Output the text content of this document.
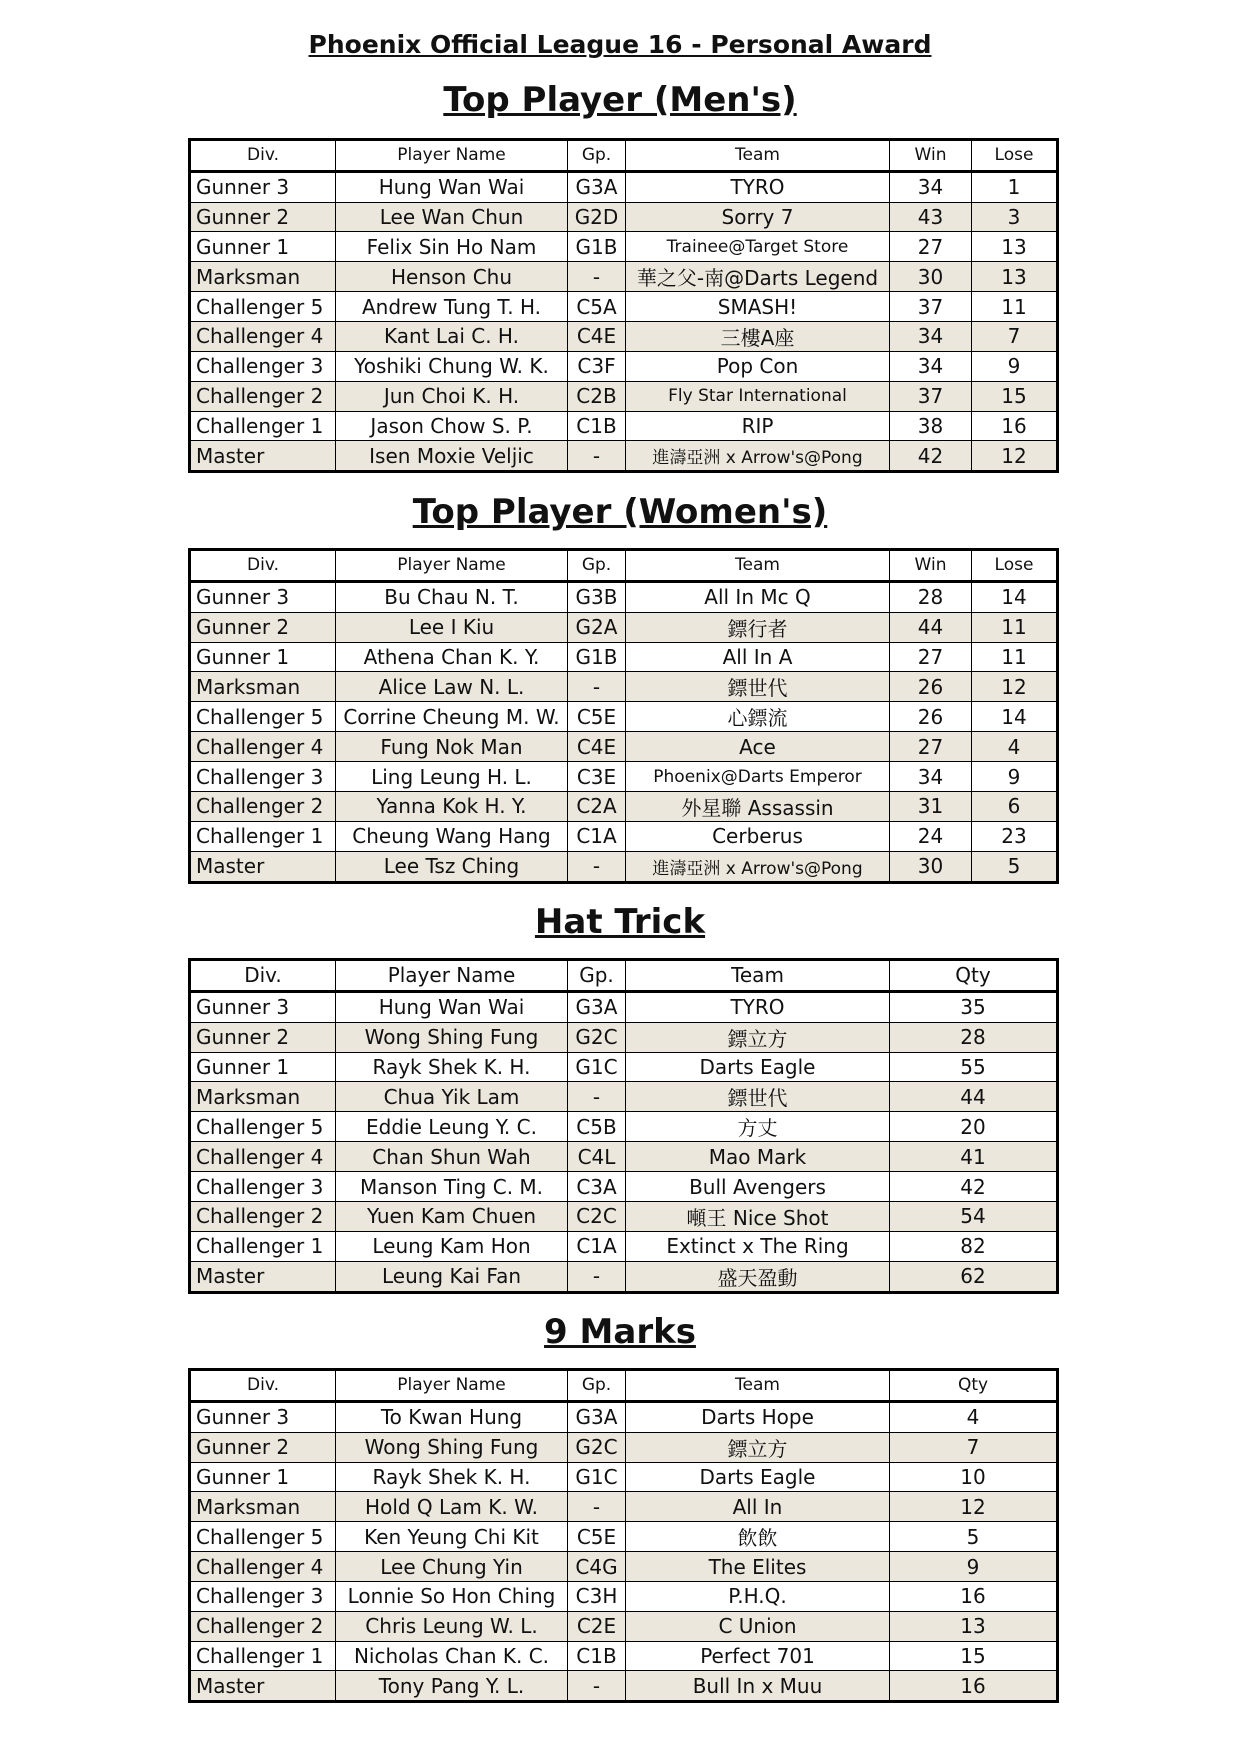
Phoenix Official League 16 - Personal Award
Top Player (Men's)
Div.	Player Name	Gp.	Team	Win	Lose
Gunner 3	Hung Wan Wai	G3A	TYRO	34	1
Gunner 2	Lee Wan Chun	G2D	Sorry 7	43	3
Gunner 1	Felix Sin Ho Nam	G1B	Trainee@Target Store	27	13
Marksman	Henson Chu	-	華之父-南@Darts Legend	30	13
Challenger 5	Andrew Tung T. H.	C5A	SMASH!	37	11
Challenger 4	Kant Lai C. H.	C4E	三樓A座	34	7
Challenger 3	Yoshiki Chung W. K.	C3F	Pop Con	34	9
Challenger 2	Jun Choi K. H.	C2B	Fly Star International	37	15
Challenger 1	Jason Chow S. P.	C1B	RIP	38	16
Master	Isen Moxie Veljic	-	進濤亞洲 x Arrow's@Pong	42	12
Top Player (Women's)
Div.	Player Name	Gp.	Team	Win	Lose
Gunner 3	Bu Chau N. T.	G3B	All In Mc Q	28	14
Gunner 2	Lee I Kiu	G2A	鏢行者	44	11
Gunner 1	Athena Chan K. Y.	G1B	All In A	27	11
Marksman	Alice Law N. L.	-	鏢世代	26	12
Challenger 5	Corrine Cheung M. W.	C5E	心鏢流	26	14
Challenger 4	Fung Nok Man	C4E	Ace	27	4
Challenger 3	Ling Leung H. L.	C3E	Phoenix@Darts Emperor	34	9
Challenger 2	Yanna Kok H. Y.	C2A	外星聯 Assassin	31	6
Challenger 1	Cheung Wang Hang	C1A	Cerberus	24	23
Master	Lee Tsz Ching	-	進濤亞洲 x Arrow's@Pong	30	5
Hat Trick
Div.	Player Name	Gp.	Team	Qty
Gunner 3	Hung Wan Wai	G3A	TYRO	35
Gunner 2	Wong Shing Fung	G2C	鏢立方	28
Gunner 1	Rayk Shek K. H.	G1C	Darts Eagle	55
Marksman	Chua Yik Lam	-	鏢世代	44
Challenger 5	Eddie Leung Y. C.	C5B	方丈	20
Challenger 4	Chan Shun Wah	C4L	Mao Mark	41
Challenger 3	Manson Ting C. M.	C3A	Bull Avengers	42
Challenger 2	Yuen Kam Chuen	C2C	噸王 Nice Shot	54
Challenger 1	Leung Kam Hon	C1A	Extinct x The Ring	82
Master	Leung Kai Fan	-	盛天盈動	62
9 Marks
Div.	Player Name	Gp.	Team	Qty
Gunner 3	To Kwan Hung	G3A	Darts Hope	4
Gunner 2	Wong Shing Fung	G2C	鏢立方	7
Gunner 1	Rayk Shek K. H.	G1C	Darts Eagle	10
Marksman	Hold Q Lam K. W.	-	All In	12
Challenger 5	Ken Yeung Chi Kit	C5E	飲飲	5
Challenger 4	Lee Chung Yin	C4G	The Elites	9
Challenger 3	Lonnie So Hon Ching	C3H	P.H.Q.	16
Challenger 2	Chris Leung W. L.	C2E	C Union	13
Challenger 1	Nicholas Chan K. C.	C1B	Perfect 701	15
Master	Tony Pang Y. L.	-	Bull In x Muu	16
